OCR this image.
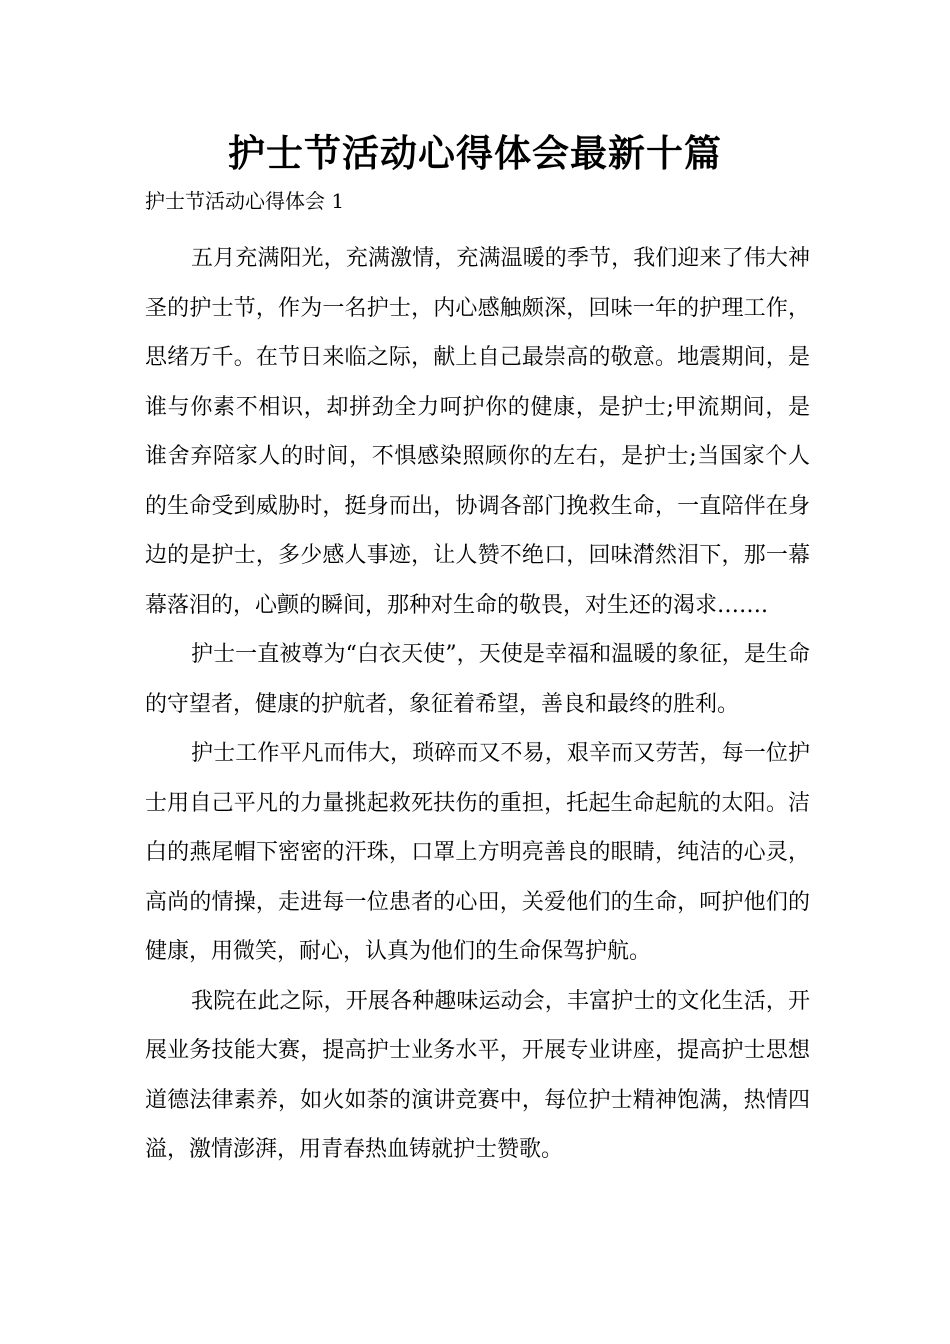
护士节活动心得体会最新十篇

护士节活动心得体会 1

五月充满阳光，充满激情，充满温暖的季节，我们迎来了伟大神圣的护士节，作为一名护士，内心感触颇深，回味一年的护理工作，思绪万千。在节日来临之际，献上自己最崇高的敬意。地震期间，是谁与你素不相识，却拼劲全力呵护你的健康，是护士;甲流期间，是谁舍弃陪家人的时间，不惧感染照顾你的左右，是护士;当国家个人的生命受到威胁时，挺身而出，协调各部门挽救生命，一直陪伴在身边的是护士，多少感人事迹，让人赞不绝口，回味潸然泪下，那一幕幕落泪的，心颤的瞬间，那种对生命的敬畏，对生还的渴求…….

护士一直被尊为“白衣天使”，天使是幸福和温暖的象征，是生命的守望者，健康的护航者，象征着希望，善良和最终的胜利。

护士工作平凡而伟大，琐碎而又不易，艰辛而又劳苦，每一位护士用自己平凡的力量挑起救死扶伤的重担，托起生命起航的太阳。洁白的燕尾帽下密密的汗珠，口罩上方明亮善良的眼睛，纯洁的心灵，高尚的情操，走进每一位患者的心田，关爱他们的生命，呵护他们的健康，用微笑，耐心，认真为他们的生命保驾护航。

我院在此之际，开展各种趣味运动会，丰富护士的文化生活，开展业务技能大赛，提高护士业务水平，开展专业讲座，提高护士思想道德法律素养，如火如荼的演讲竞赛中，每位护士精神饱满，热情四溢，激情澎湃，用青春热血铸就护士赞歌。
